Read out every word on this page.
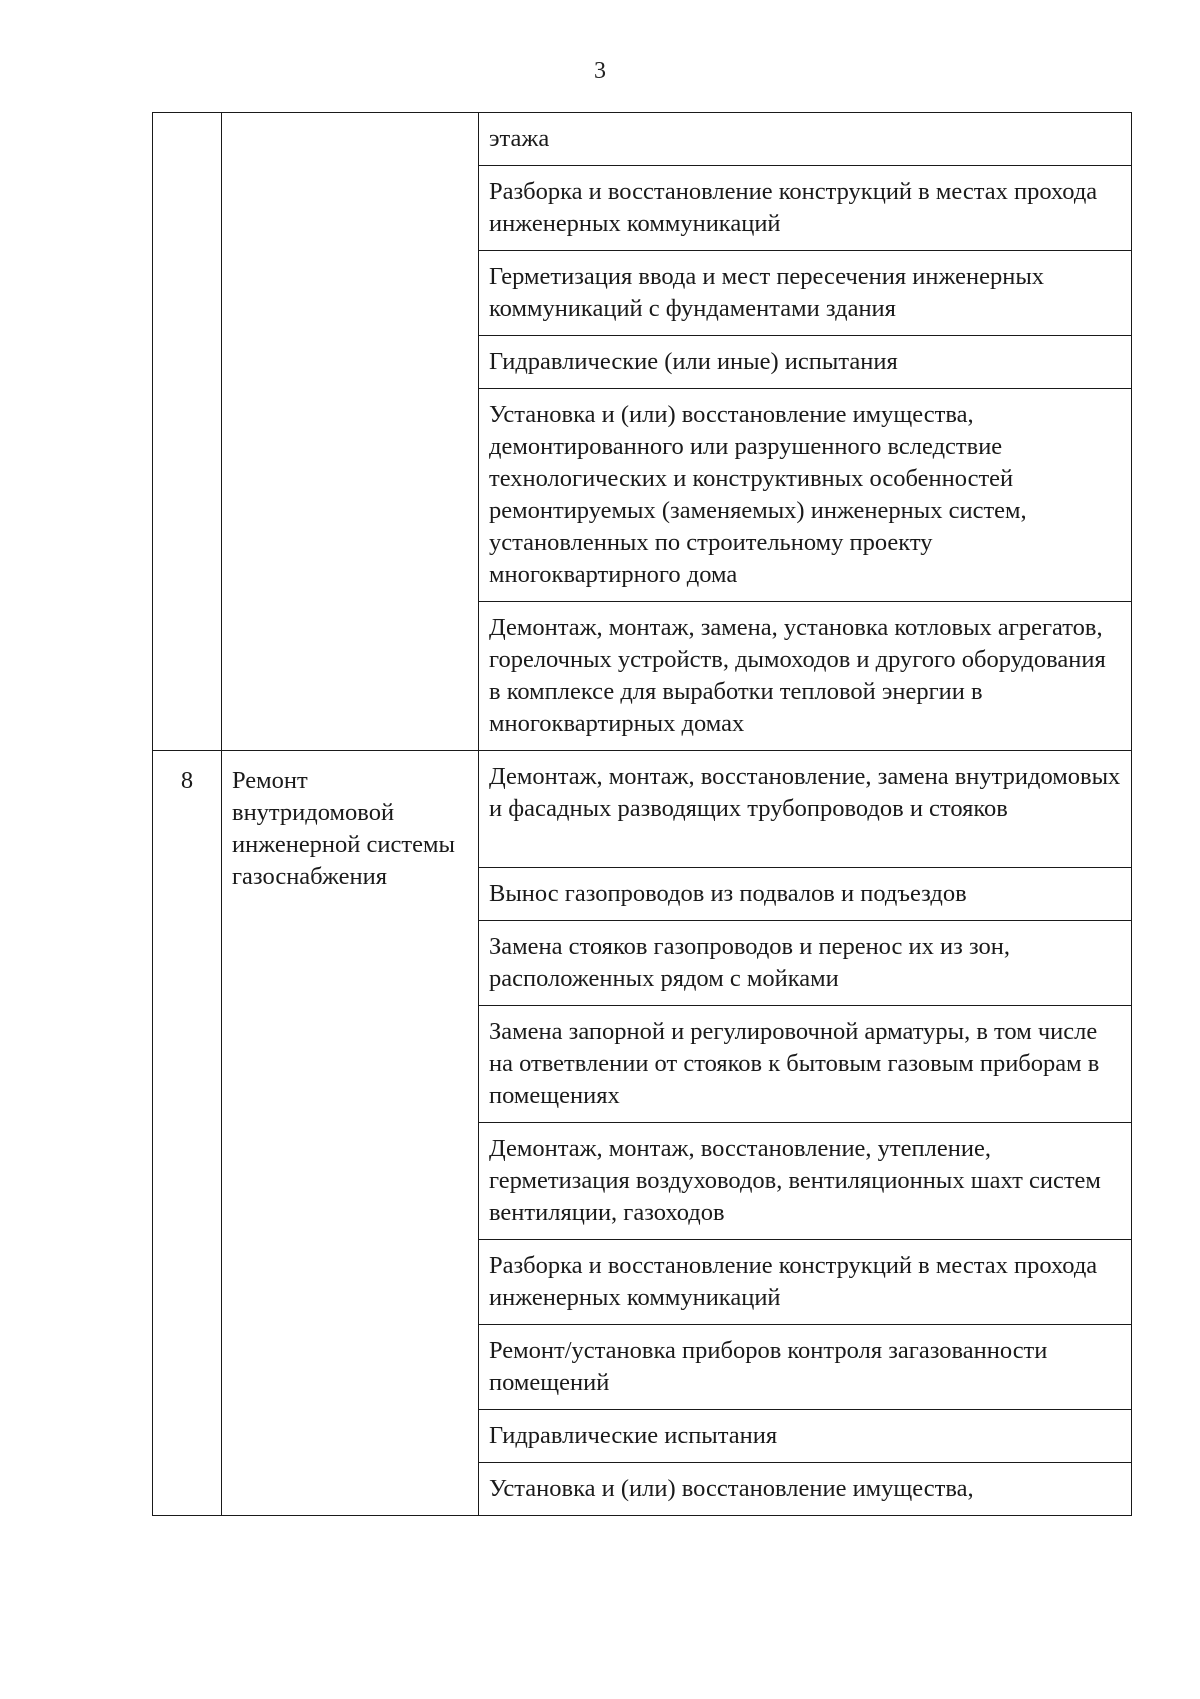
3
		этажа
		Разборка и восстановление конструкций в местах прохода инженерных коммуникаций
		Герметизация ввода и мест пересечения инженерных коммуникаций с фундаментами здания
		Гидравлические (или иные) испытания
		Установка и (или) восстановление имущества, демонтированного или разрушенного вследствие технологических и конструктивных особенностей ремонтируемых (заменяемых) инженерных систем, установленных по строительному проекту многоквартирного дома
		Демонтаж, монтаж, замена, установка котловых агрегатов, горелочных устройств, дымоходов и другого оборудования в комплексе для выработки тепловой энергии в многоквартирных домах
8	Ремонт внутридомовой инженерной системы газоснабжения	Демонтаж, монтаж, восстановление, замена внутридомовых и фасадных разводящих трубопроводов и стояков
		Вынос газопроводов из подвалов и подъездов
		Замена стояков газопроводов и перенос их из зон, расположенных рядом с мойками
		Замена запорной и регулировочной арматуры, в том числе на ответвлении от стояков к бытовым газовым приборам в помещениях
		Демонтаж, монтаж, восстановление, утепление, герметизация воздуховодов, вентиляционных шахт систем вентиляции, газоходов
		Разборка и восстановление конструкций в местах прохода инженерных коммуникаций
		Ремонт/установка приборов контроля загазованности помещений
		Гидравлические испытания
		Установка и (или) восстановление имущества,
